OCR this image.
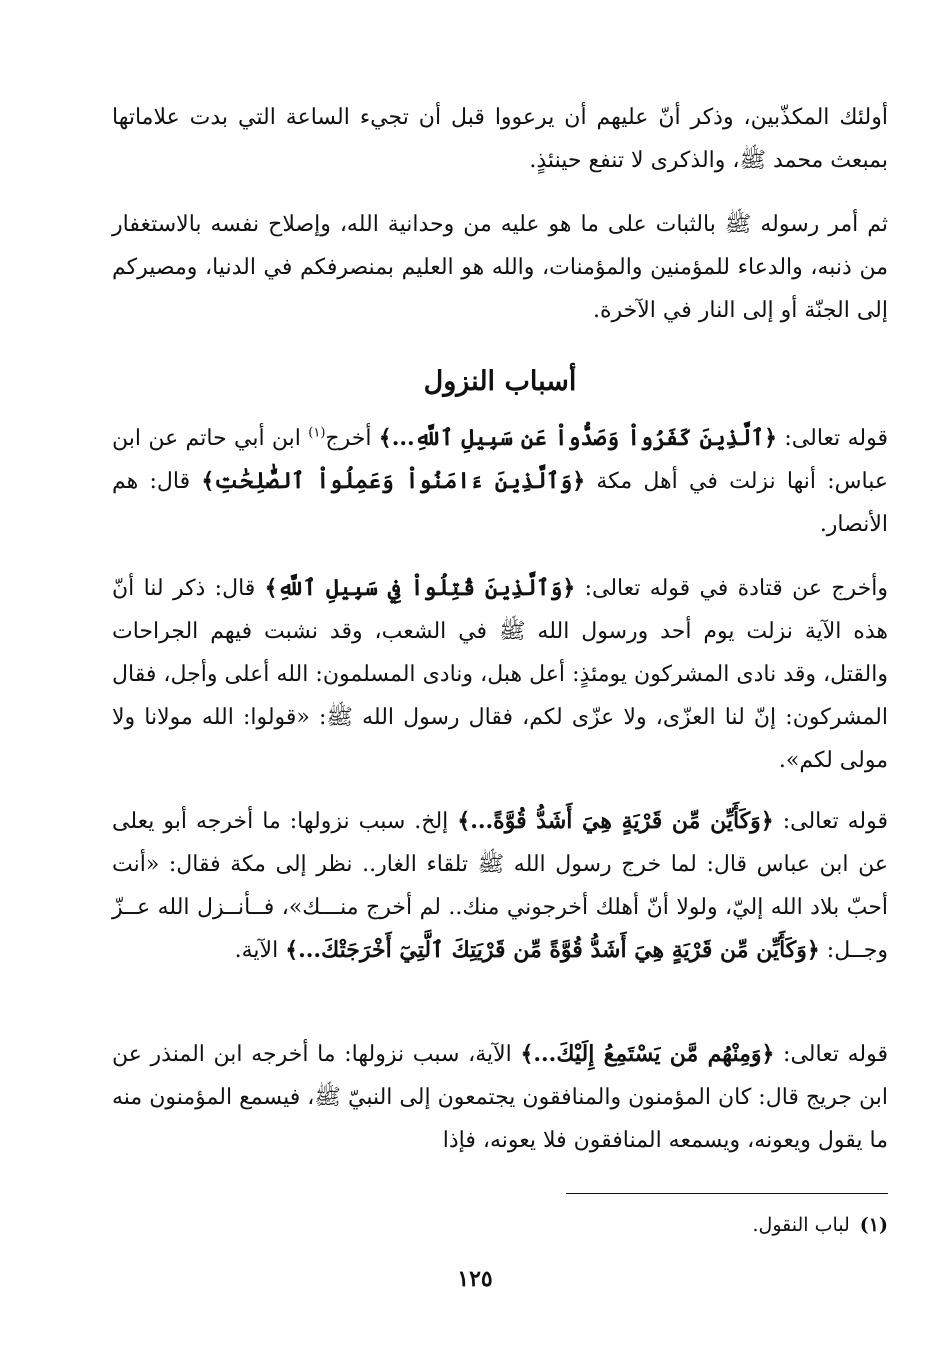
أولئك المكذّبين، وذكر أنّ عليهم أن يرعووا قبل أن تجيء الساعة التي بدت علاماتها بمبعث محمد ﷺ، والذكرى لا تنفع حينئذٍ.

ثم أمر رسوله ﷺ بالثبات على ما هو عليه من وحدانية الله، وإصلاح نفسه بالاستغفار من ذنبه، والدعاء للمؤمنين والمؤمنات، والله هو العليم بمنصرفكم في الدنيا، ومصيركم إلى الجنّة أو إلى النار في الآخرة.

أسباب النزول

قوله تعالى: ﴿ٱلَّذِينَ كَفَرُواْ وَصَدُّواْ عَن سَبِيلِ ٱللَّهِ...﴾ أخرج$^{(١)}$ ابن أبي حاتم عن ابن عباس: أنها نزلت في أهل مكة ﴿وَٱلَّذِينَ ءَامَنُواْ وَعَمِلُواْ ٱلصَّٰلِحَٰتِ﴾ قال: هم الأنصار.

وأخرج عن قتادة في قوله تعالى: ﴿وَٱلَّذِينَ قُتِلُواْ فِي سَبِيلِ ٱللَّهِ﴾ قال: ذكر لنا أنّ هذه الآية نزلت يوم أحد ورسول الله ﷺ في الشعب، وقد نشبت فيهم الجراحات والقتل، وقد نادى المشركون يومئذٍ: أعل هبل، ونادى المسلمون: الله أعلى وأجل، فقال المشركون: إنّ لنا العزّى، ولا عزّى لكم، فقال رسول الله ﷺ: «قولوا: الله مولانا ولا مولى لكم».

قوله تعالى: ﴿وَكَأَيِّن مِّن قَرْيَةٍ هِيَ أَشَدُّ قُوَّةً...﴾ إلخ. سبب نزولها: ما أخرجه أبو يعلى عن ابن عباس قال: لما خرج رسول الله ﷺ تلقاء الغار.. نظر إلى مكة فقال: «أنت أحبّ بلاد الله إليّ، ولولا أنّ أهلك أخرجوني منك.. لم أخرج منـــك»، فــأنــزل الله عــزّ وجــل: ﴿وَكَأَيِّن مِّن قَرْيَةٍ هِيَ أَشَدُّ قُوَّةً مِّن قَرْيَتِكَ ٱلَّتِيٓ أَخْرَجَتْكَ...﴾ الآية.

قوله تعالى: ﴿وَمِنْهُم مَّن يَسْتَمِعُ إِلَيْكَ...﴾ الآية، سبب نزولها: ما أخرجه ابن المنذر عن ابن جريج قال: كان المؤمنون والمنافقون يجتمعون إلى النبيّ ﷺ، فيسمع المؤمنون منه ما يقول ويعونه، ويسمعه المنافقون فلا يعونه، فإذا

(١)لباب النقول.

١٢٥
